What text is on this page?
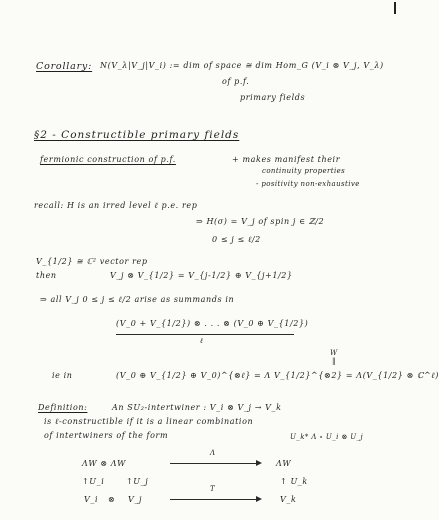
Corollary: N(V_λ|V_j|V_i) := dim of space ≅ dim Hom_G (V_i ⊗ V_j, V_λ)
of p.f.
primary fields
§2 - Constructible primary fields
fermionic construction of p.f.	+ makes manifest their
continuity properties
- positivity non-exhaustive
recall: H is an irred level ℓ p.e. rep
⇒ H(σ) = V_j of spin j ∈ ℤ/2
0 ≤ j ≤ ℓ/2
V_{1/2} ≅ ℂ² vector rep
then	V_j ⊗ V_{1/2} = V_{j-1/2} ⊕ V_{j+1/2}
⇒ all V_j 0 ≤ j ≤ ℓ/2 arise as summands in
(V_0 + V_{1/2}) ⊗ . . . ⊗ (V_0 ⊕ V_{1/2})
ℓ
W
‖
ie in	(V_0 ⊕ V_{1/2} ⊕ V_0)^{⊗ℓ} = Λ V_{1/2}^{⊗2} = Λ(V_{1/2} ⊗ ℂ^ℓ)
Definition:	An SU₂-intertwiner : V_i ⊗ V_j → V_k
is ℓ-constructible if it is a linear combination
of intertwiners of the form	U_k* Λ ∘ U_i ⊗ U_j
ΛW ⊗ ΛW
Λ
ΛW
↑U_i	↑U_j	↑ U_k
V_i ⊗ V_j
T
V_k
